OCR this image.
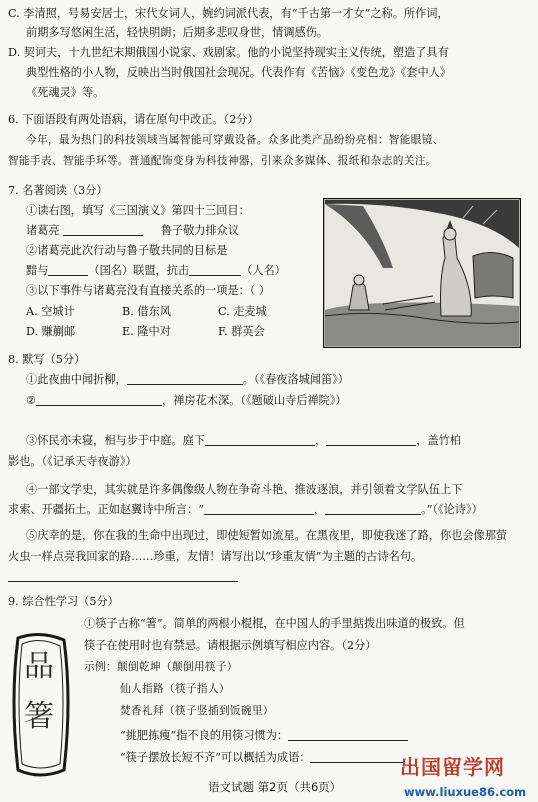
C. 李清照，号易安居士，宋代女词人，婉约词派代表，有“千古第一才女”之称。所作词，
前期多写悠闲生活，轻快明朗；后期多悲叹身世，情调感伤。
D. 契诃夫，十九世纪末期俄国小说家、戏剧家。他的小说坚持现实主义传统，塑造了具有
典型性格的小人物，反映出当时俄国社会现况。代表作有《苦恼》《变色龙》《套中人》
《死魂灵》等。
6. 下面语段有两处语病，请在原句中改正。（2分）
今年，最为热门的科技领域当属智能可穿戴设备。众多此类产品纷纷亮相：智能眼镜、
智能手表、智能手环等。普通配饰变身为科技神器，引来众多媒体、报纸和杂志的关注。
7. 名著阅读（3分）
①读右图，填写《三国演义》第四十三回目：
诸葛亮	鲁子敬力排众议
②诸葛亮此次行动与鲁子敬共同的目标是
黯与	（国名）联盟，抗击	（人名）
③以下事件与诸葛亮没有直接关系的一项是：（ ）
A. 空城计	B. 借东风	C. 走麦城
D. 赚蒯邮	E. 隆中对	F. 群英会
8. 默写（5分）
①此夜曲中闻折柳，	。（《春夜洛城闻笛》）
②	，禅房花木深。（《题破山寺后禅院》）
③怀民亦未寝，相与步于中庭。庭下	，	，盖竹柏
影也。（《记承天寺夜游》）
④一部文学史，其实就是许多偶像级人物在争奇斗艳、推波逐浪，并引领着文学队伍上下
求索、开疆拓土。正如赵翼诗中所言：“	，	。”（《论诗》）
⑤庆幸的是，你在我的生命中出现过，即使短暂如流星。在黑夜里，即使我迷了路，你也会像那萤
火虫一样点亮我回家的路……珍重，友情！请写出以“珍重友情”为主题的古诗名句。
9. 综合性学习（5分）
①筷子古称“箸”。简单的两根小棍棍，在中国人的手里掂拨出味道的极致。但
筷子在使用时也有禁忌。请根据示例填写相应内容。（2分）
示例：颠倒乾坤（颠倒用筷子）
仙人指路（筷子指人）
焚香礼拜（筷子竖插到饭碗里）
“挑肥拣瘦”指不良的用筷习惯为：
“筷子摆放长短不齐”可以概括为成语：
品
箸
语文试题 第2页（共6页）
出国留学网
www.liuxue86.com
